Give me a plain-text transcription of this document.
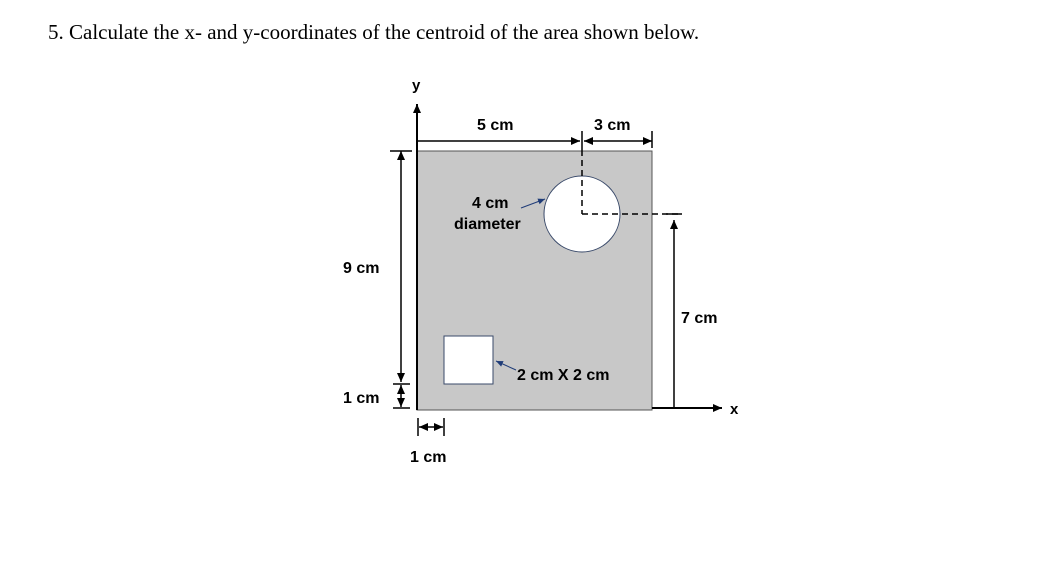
5. Calculate the x- and y-coordinates of the centroid of the area shown below.
y
x
5 cm	3 cm
7 cm
9 cm
1 cm
1 cm
4 cm
diameter
2 cm X 2 cm
